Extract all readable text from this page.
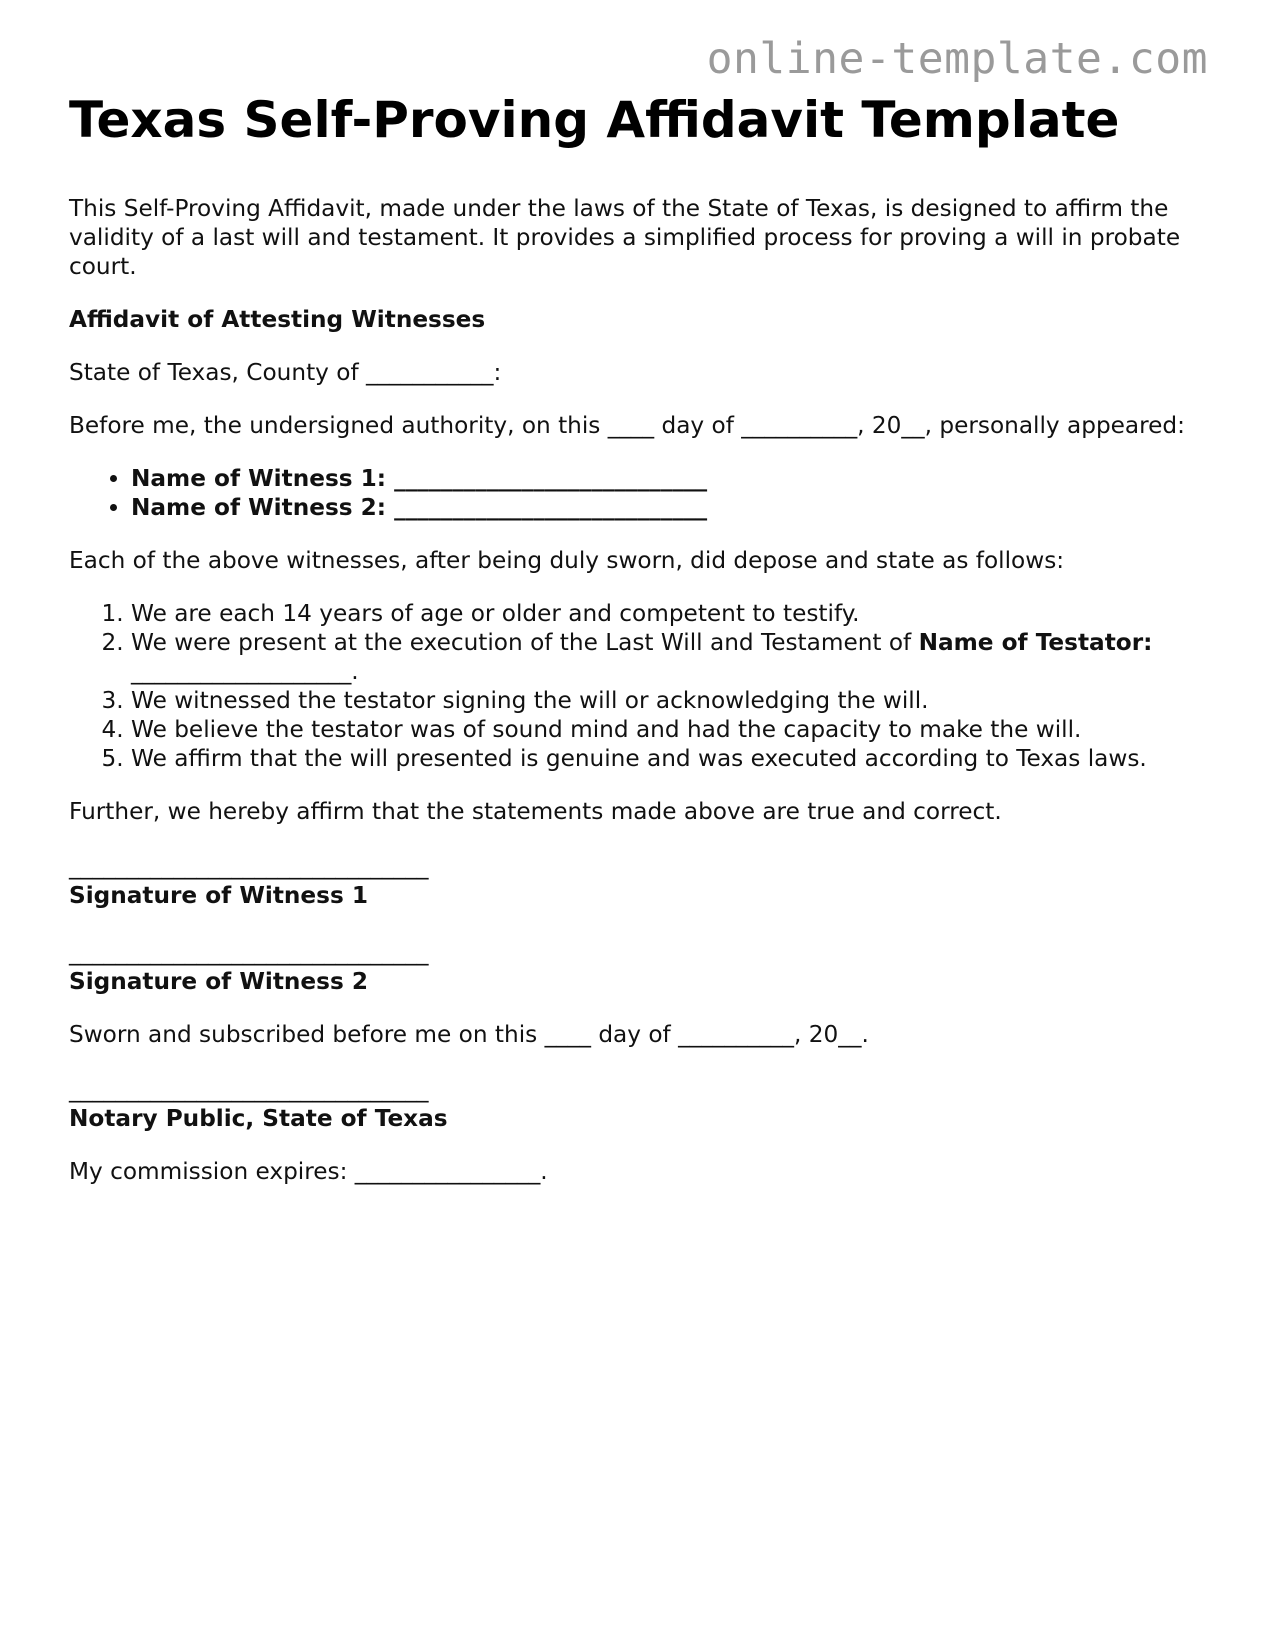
online-template.com
Texas Self-Proving Affidavit Template

This Self-Proving Affidavit, made under the laws of the State of Texas, is designed to affirm the validity of a last will and testament. It provides a simplified process for proving a will in probate court.

Affidavit of Attesting Witnesses

State of Texas, County of ___________:

Before me, the undersigned authority, on this ____ day of __________, 20__, personally appeared:

• Name of Witness 1: ___________________________
• Name of Witness 2: ___________________________

Each of the above witnesses, after being duly sworn, did depose and state as follows:

1. We are each 14 years of age or older and competent to testify.
2. We were present at the execution of the Last Will and Testament of Name of Testator: ___________________.
3. We witnessed the testator signing the will or acknowledging the will.
4. We believe the testator was of sound mind and had the capacity to make the will.
5. We affirm that the will presented is genuine and was executed according to Texas laws.

Further, we hereby affirm that the statements made above are true and correct.

_______________________________
Signature of Witness 1
_______________________________
Signature of Witness 2

Sworn and subscribed before me on this ____ day of __________, 20__.

_______________________________
Notary Public, State of Texas

My commission expires: ________________.
